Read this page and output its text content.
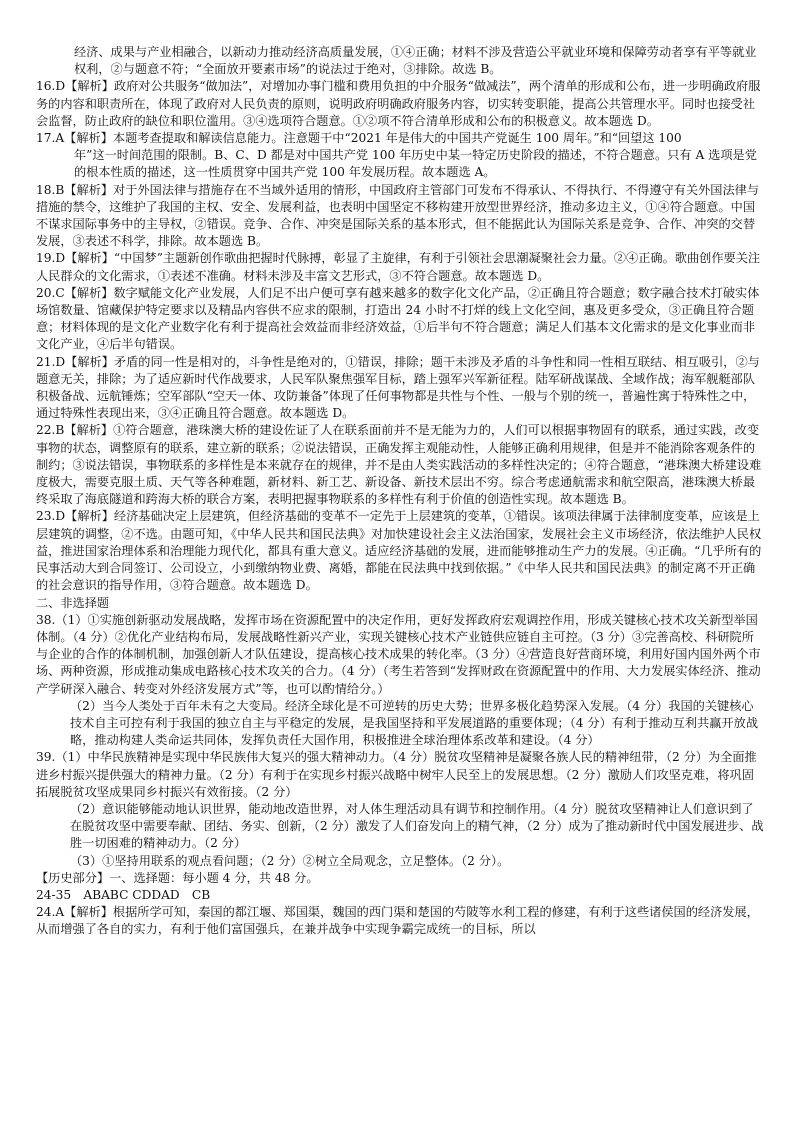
经济、成果与产业相融合，以新动力推动经济高质量发展，①④正确；材料不涉及营造公平就业环境和保障劳动者享有平等就业权利，②与题意不符；“全面放开要素市场”的说法过于绝对，③排除。故选 B。

16.D【解析】政府对公共服务“做加法”，对增加办事门槛和费用负担的中介服务“做减法”，两个清单的形成和公布，进一步明确政府服务的内容和职责所在，体现了政府对人民负责的原则，说明政府明确政府服务内容，切实转变职能，提高公共管理水平。同时也接受社会监督，防止政府的缺位和职位滥用。③④选项符合题意。①②项不符合清单形成和公布的积极意义。故本题选 D。

17.A【解析】本题考查提取和解读信息能力。注意题干中“2021 年是伟大的中国共产党诞生 100 周年。”和“回望这 100

年”这一时间范围的限制。B、C、D 都是对中国共产党 100 年历史中某一特定历史阶段的描述，不符合题意。只有 A 选项是党的根本性质的描述，这一性质贯穿中国共产党 100 年发展历程。故本题选 A。

18.B【解析】对于外国法律与措施存在不当域外适用的情形，中国政府主管部门可发布不得承认、不得执行、不得遵守有关外国法律与措施的禁令，这维护了我国的主权、安全、发展利益，也表明中国坚定不移构建开放型世界经济，推动多边主义，①④符合题意。中国不谋求国际事务中的主导权，②错误。竞争、合作、冲突是国际关系的基本形式，但不能据此认为国际关系是竞争、合作、冲突的交替发展，③表述不科学，排除。故本题选 B。

19.D【解析】“中国梦”主题新创作歌曲把握时代脉搏，彰显了主旋律，有利于引领社会思潮凝聚社会力量。②④正确。歌曲创作要关注人民群众的文化需求，①表述不准确。材料未涉及丰富文艺形式，③不符合题意。故本题选 D。

20.C【解析】数字赋能文化产业发展，人们足不出户便可享有越来越多的数字化文化产品，②正确且符合题意；数字融合技术打破实体场馆数量、馆藏保护特定要求以及精品内容供不应求的限制，打造出 24 小时不打烊的线上文化空间，惠及更多受众，③正确且符合题意；材料体现的是文化产业数字化有利于提高社会效益而非经济效益，①后半句不符合题意；满足人们基本文化需求的是文化事业而非文化产业，④后半句错误。

21.D【解析】矛盾的同一性是相对的，斗争性是绝对的，①错误，排除；题干未涉及矛盾的斗争性和同一性相互联结、相互吸引，②与题意无关，排除；为了适应新时代作战要求，人民军队聚焦强军目标，踏上强军兴军新征程。陆军研战谋战、全域作战；海军舰艇部队积极备战、远航锤炼；空军部队“空天一体、攻防兼备”体现了任何事物都是共性与个性、一般与个别的统一，普遍性寓于特殊性之中，通过特殊性表现出来，③④正确且符合题意。故本题选 D。

22.B【解析】①符合题意，港珠澳大桥的建设佐证了人在联系面前并不是无能为力的，人们可以根据事物固有的联系，通过实践，改变事物的状态，调整原有的联系，建立新的联系；②说法错误，正确发挥主观能动性，人能够正确利用规律，但是并不能消除客观条件的制约；③说法错误，事物联系的多样性是本来就存在的规律，并不是由人类实践活动的多样性决定的；④符合题意，“港珠澳大桥建设难度极大，需要克服土质、天气等各种难题，新材料、新工艺、新设备、新技术层出不穷。综合考虑通航需求和航空限高，港珠澳大桥最终采取了海底隧道和跨海大桥的联合方案，表明把握事物联系的多样性有利于价值的创造性实现。故本题选 B。

23.D【解析】经济基础决定上层建筑，但经济基础的变革不一定先于上层建筑的变革，①错误。该项法律属于法律制度变革，应该是上层建筑的调整，②不选。由题可知，《中华人民共和国民法典》对加快建设社会主义法治国家，发展社会主义市场经济，依法维护人民权益，推进国家治理体系和治理能力现代化，都具有重大意义。适应经济基础的发展，进而能够推动生产力的发展。④正确。“几乎所有的民事活动大到合同签订、公司设立，小到缴纳物业费、离婚，都能在民法典中找到依据。”《中华人民共和国民法典》的制定离不开正确的社会意识的指导作用，③符合题意。故本题选 D。

二、非选择题

38.（1）①实施创新驱动发展战略，发挥市场在资源配置中的决定作用，更好发挥政府宏观调控作用，形成关键核心技术攻关新型举国体制。（4 分）②优化产业结构布局，发展战略性新兴产业，实现关键核心技术产业链供应链自主可控。（3 分）③完善高校、科研院所与企业的合作的体制机制，加强创新人才队伍建设，提高核心技术成果的转化率。（3 分）④营造良好营商环境，利用好国内国外两个市场、两种资源，形成推动集成电路核心技术攻关的合力。（4 分）（考生若答到“发挥财政在资源配置中的作用、大力发展实体经济、推动产学研深入融合、转变对外经济发展方式”等，也可以酌情给分。）

（2）当今人类处于百年未有之大变局。经济全球化是不可逆转的历史大势；世界多极化趋势深入发展。（4 分）我国的关键核心技术自主可控有利于我国的独立自主与平稳定的发展，是我国坚持和平发展道路的重要体现；（4 分）有利于推动互利共赢开放战略，推动构建人类命运共同体，发挥负责任大国作用，积极推进全球治理体系改革和建设。（4 分）

39.（1）中华民族精神是实现中华民族伟大复兴的强大精神动力。（4 分）脱贫攻坚精神是凝聚各族人民的精神纽带，（2 分）为全面推进乡村振兴提供强大的精神力量。（2 分）有利于在实现乡村振兴战略中树牢人民至上的发展思想。（2 分）激励人们攻坚克难，将巩固拓展脱贫攻坚成果同乡村振兴有效衔接。（2 分）

（2）意识能够能动地认识世界，能动地改造世界，对人体生理活动具有调节和控制作用。（4 分）脱贫攻坚精神让人们意识到了在脱贫攻坚中需要奉献、团结、务实、创新，（2 分）激发了人们奋发向上的精气神，（2 分）成为了推动新时代中国发展进步、战胜一切困难的精神动力。（2 分）

（3）①坚持用联系的观点看问题；（2 分）②树立全局观念，立足整体。（2 分）。

【历史部分】一、选择题：每小题 4 分，共 48 分。

24-35　ABABC CDDAD　CB

24.A【解析】根据所学可知，秦国的都江堰、郑国渠，魏国的西门渠和楚国的芍陂等水利工程的修建，有利于这些诸侯国的经济发展，从而增强了各自的实力，有利于他们富国强兵，在兼并战争中实现争霸完成统一的目标，所以
